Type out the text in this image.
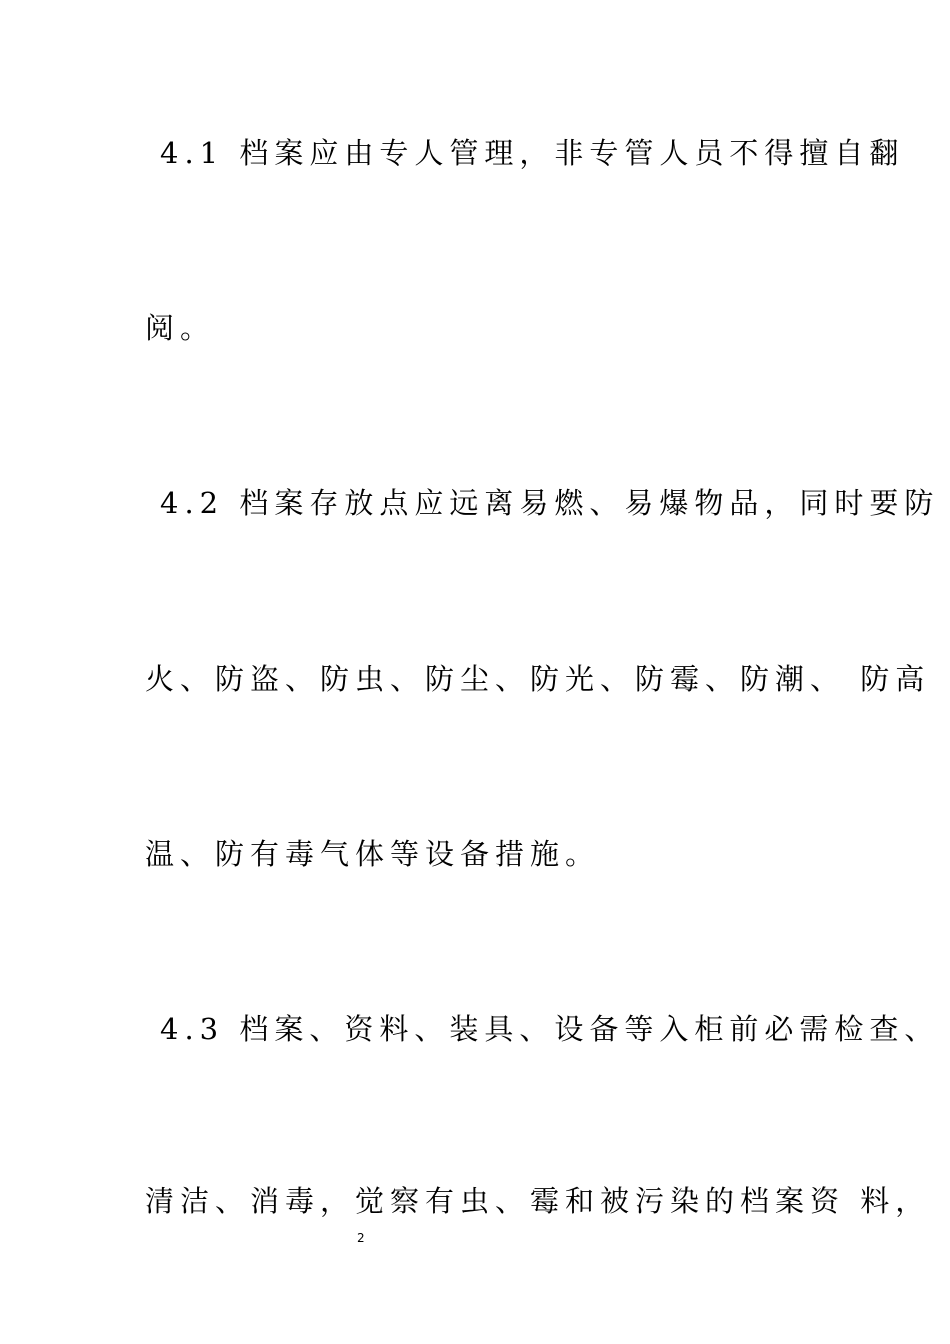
4.1 档案应由专人管理，非专管人员不得擅自翻
阅。
4.2 档案存放点应远离易燃、易爆物品，同时要防
火、防盗、防虫、防尘、防光、防霉、防潮、 防高
温、防有毒气体等设备措施。
4.3 档案、资料、装具、设备等入柜前必需检查、
清洁、消毒，觉察有虫、霉和被污染的档案资 料，
2
